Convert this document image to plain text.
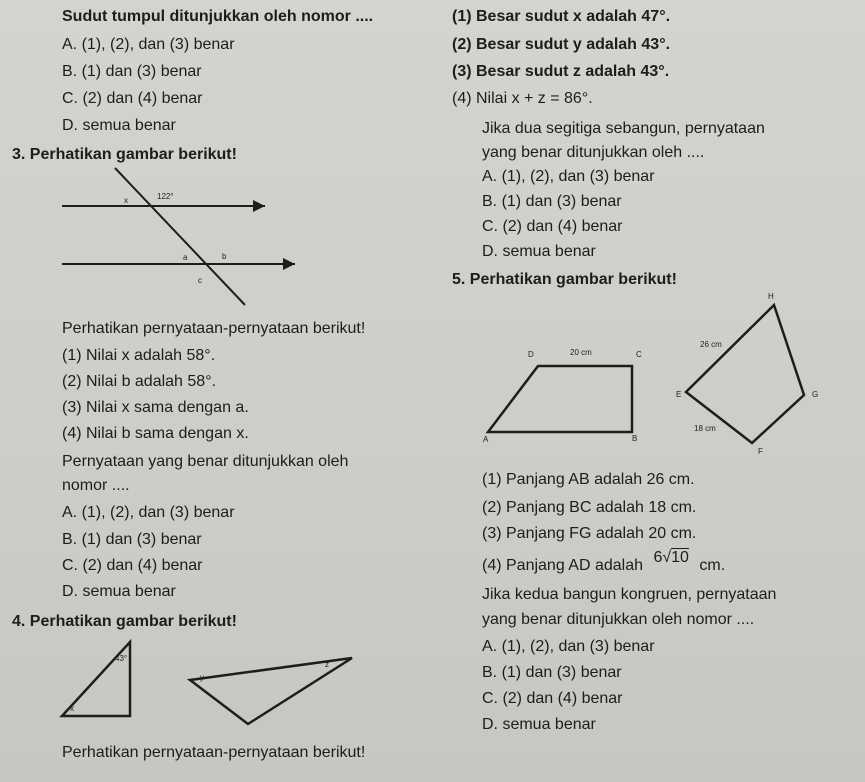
Sudut tumpul ditunjukkan oleh nomor ....
A. (1), (2), dan (3) benar
B. (1) dan (3) benar
C. (2) dan (4) benar
D. semua benar
3. Perhatikan gambar berikut!
x	122°
a	b
c
Perhatikan pernyataan-pernyataan berikut!
(1) Nilai x adalah 58°.
(2) Nilai b adalah 58°.
(3) Nilai x sama dengan a.
(4) Nilai b sama dengan x.
Pernyataan yang benar ditunjukkan oleh
nomor ....
A. (1), (2), dan (3) benar
B. (1) dan (3) benar
C. (2) dan (4) benar
D. semua benar
4. Perhatikan gambar berikut!
43°
x
y
z
Perhatikan pernyataan-pernyataan berikut!
(1) Besar sudut x adalah 47°.
(2) Besar sudut y adalah 43°.
(3) Besar sudut z adalah 43°.
(4) Nilai x + z = 86°.
Jika dua segitiga sebangun, pernyataan
yang benar ditunjukkan oleh ....
A. (1), (2), dan (3) benar
B. (1) dan (3) benar
C. (2) dan (4) benar
D. semua benar
5. Perhatikan gambar berikut!
D	20 cm	C
A	B
H
26 cm
E	G
18 cm
F
(1) Panjang AB adalah 26 cm.
(2) Panjang BC adalah 18 cm.
(3) Panjang FG adalah 20 cm.
(4) Panjang AD adalah 6√10 cm.
Jika kedua bangun kongruen, pernyataan
yang benar ditunjukkan oleh nomor ....
A. (1), (2), dan (3) benar
B. (1) dan (3) benar
C. (2) dan (4) benar
D. semua benar
